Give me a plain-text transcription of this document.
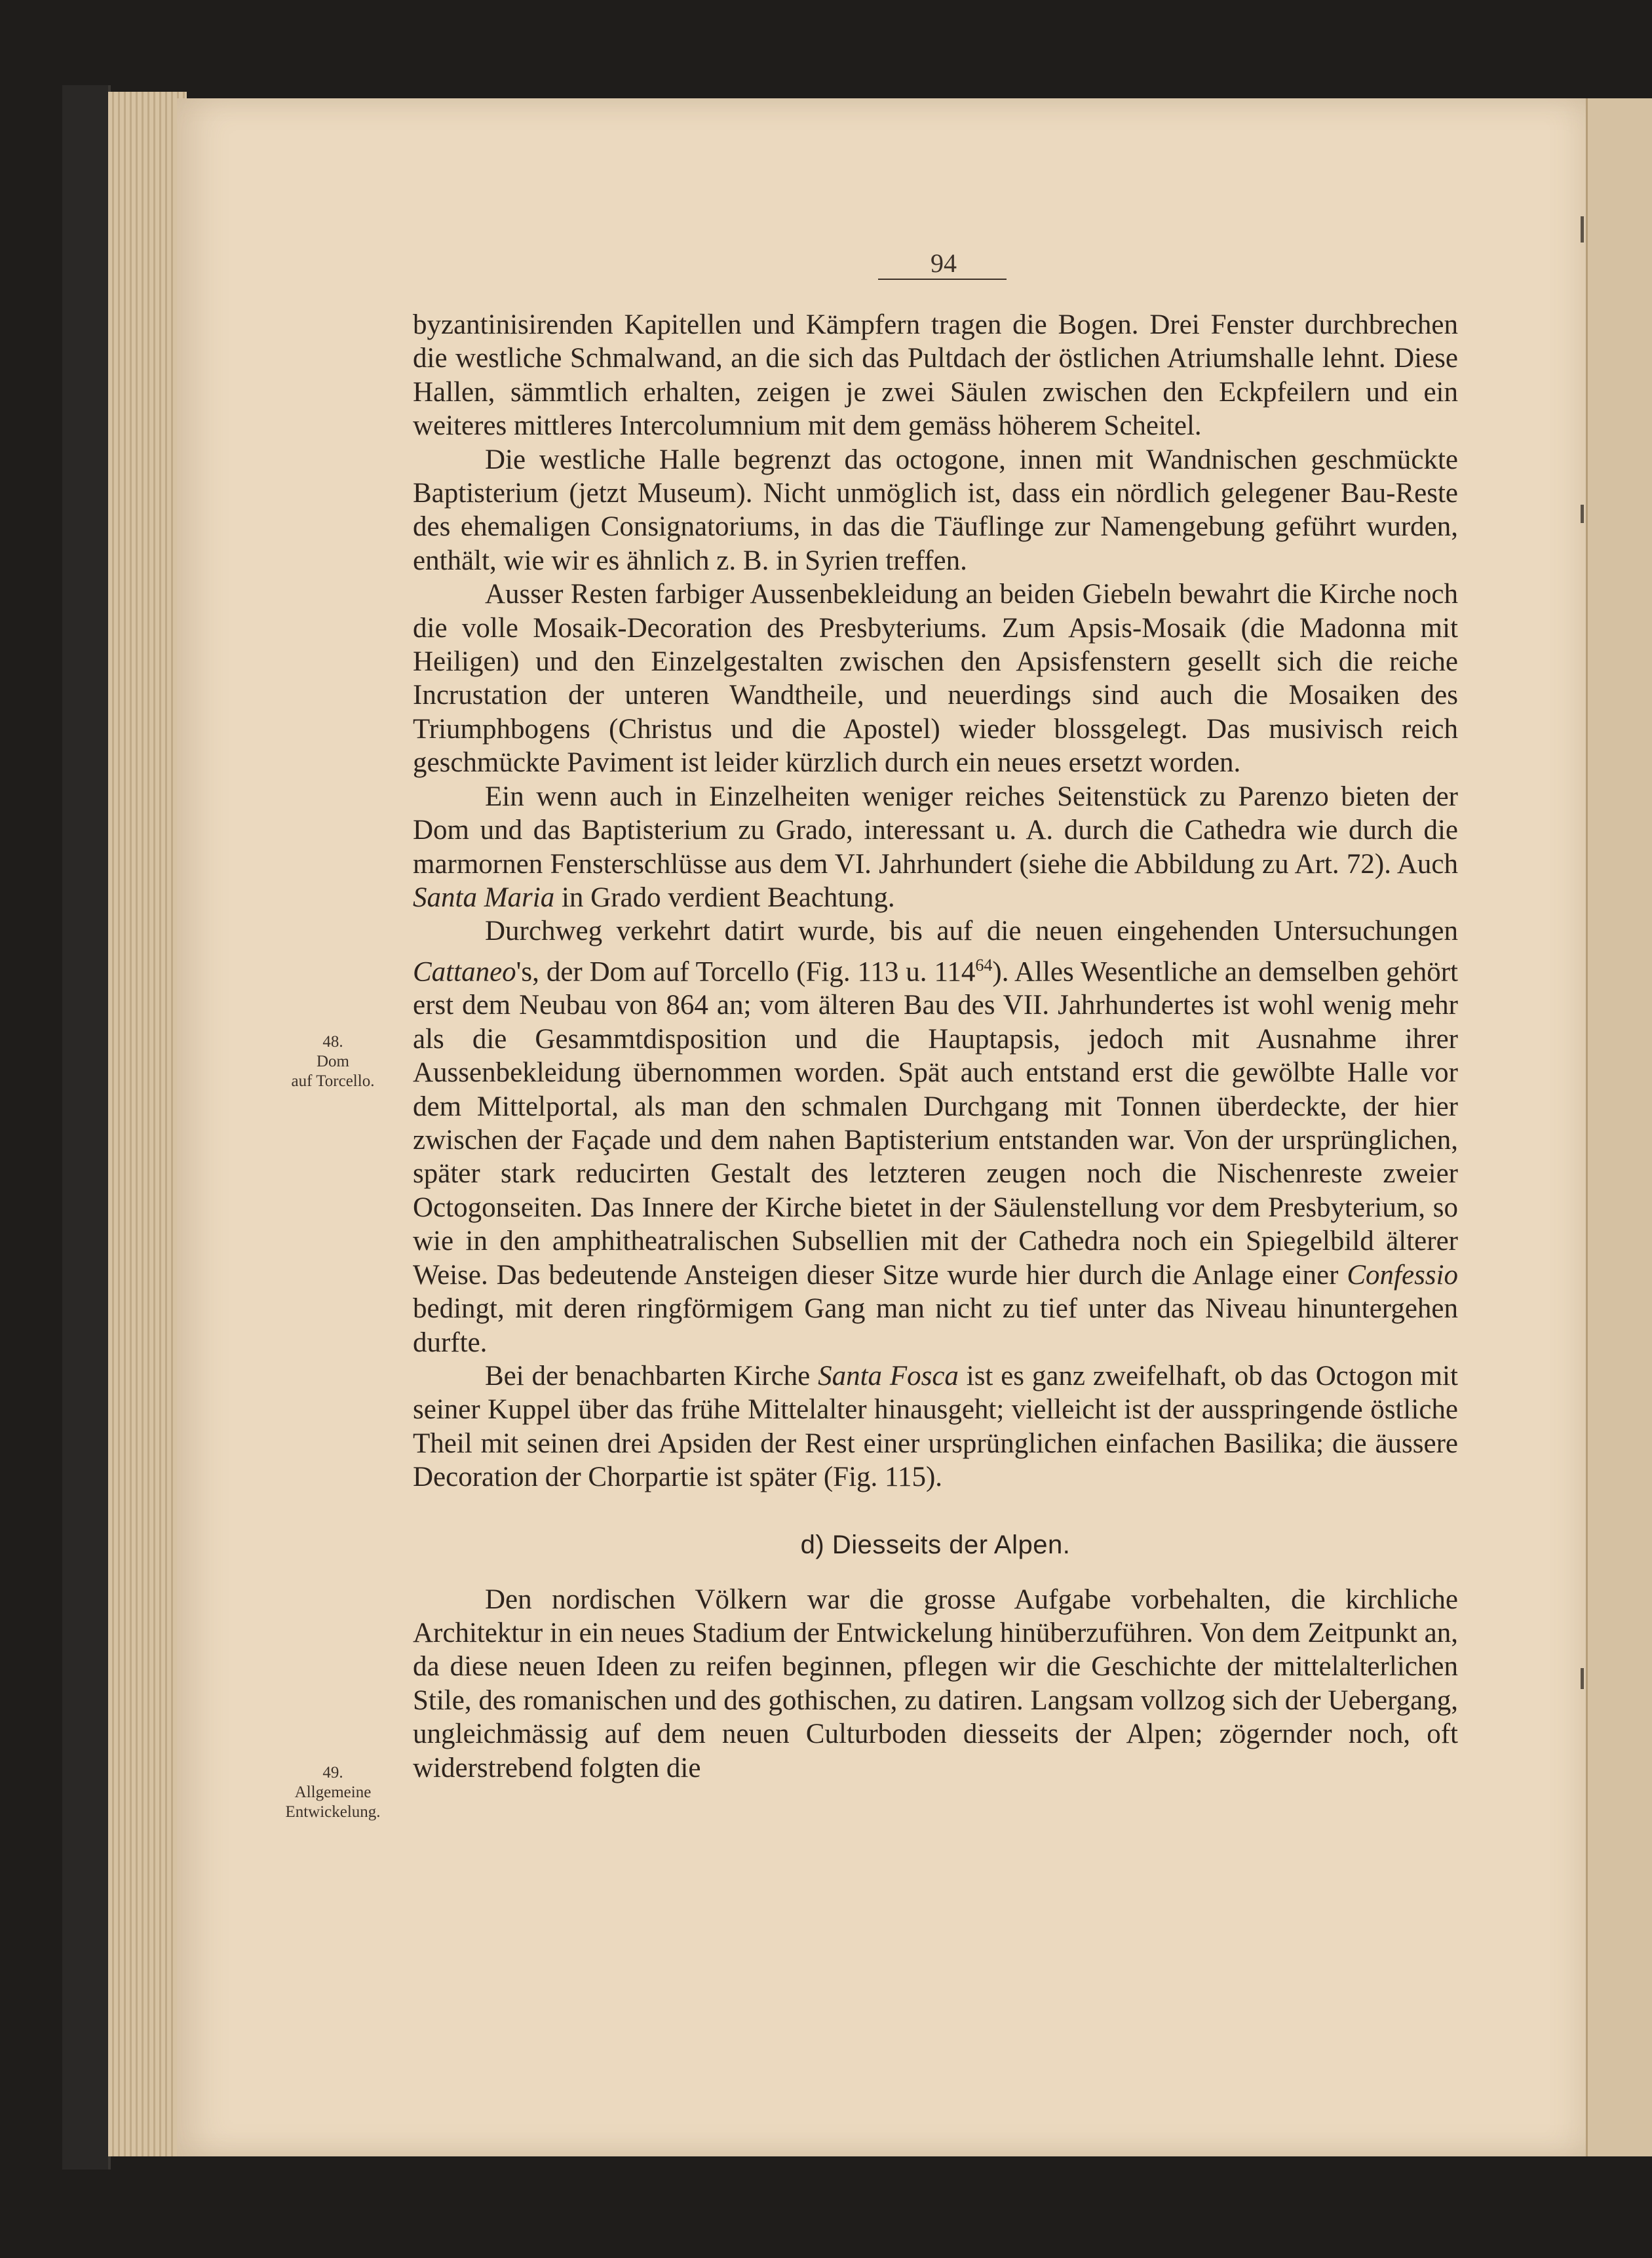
94
48.
Dom
auf Torcello.
49.
Allgemeine
Entwickelung.

byzantinisirenden Kapitellen und Kämpfern tragen die Bogen. Drei Fenster durchbrechen die westliche Schmalwand, an die sich das Pultdach der östlichen Atriumshalle lehnt. Diese Hallen, sämmtlich erhalten, zeigen je zwei Säulen zwischen den Eckpfeilern und ein weiteres mittleres Intercolumnium mit dem gemäss höherem Scheitel.

Die westliche Halle begrenzt das octogone, innen mit Wandnischen geschmückte Baptisterium (jetzt Museum). Nicht unmöglich ist, dass ein nördlich gelegener Bau-Reste des ehemaligen Consignatoriums, in das die Täuflinge zur Namengebung geführt wurden, enthält, wie wir es ähnlich z. B. in Syrien treffen.

Ausser Resten farbiger Aussenbekleidung an beiden Giebeln bewahrt die Kirche noch die volle Mosaik-Decoration des Presbyteriums. Zum Apsis-Mosaik (die Madonna mit Heiligen) und den Einzelgestalten zwischen den Apsisfenstern gesellt sich die reiche Incrustation der unteren Wandtheile, und neuerdings sind auch die Mosaiken des Triumphbogens (Christus und die Apostel) wieder blossgelegt. Das musivisch reich geschmückte Paviment ist leider kürzlich durch ein neues ersetzt worden.

Ein wenn auch in Einzelheiten weniger reiches Seitenstück zu Parenzo bieten der Dom und das Baptisterium zu Grado, interessant u. A. durch die Cathedra wie durch die marmornen Fensterschlüsse aus dem VI. Jahrhundert (siehe die Abbildung zu Art. 72). Auch Santa Maria in Grado verdient Beachtung.

Durchweg verkehrt datirt wurde, bis auf die neuen eingehenden Untersuchungen Cattaneo's, der Dom auf Torcello (Fig. 113 u. $114^{64}$). Alles Wesentliche an demselben gehört erst dem Neubau von 864 an; vom älteren Bau des VII. Jahrhundertes ist wohl wenig mehr als die Gesammtdisposition und die Hauptapsis, jedoch mit Ausnahme ihrer Aussenbekleidung übernommen worden. Spät auch entstand erst die gewölbte Halle vor dem Mittelportal, als man den schmalen Durchgang mit Tonnen überdeckte, der hier zwischen der Façade und dem nahen Baptisterium entstanden war. Von der ursprünglichen, später stark reducirten Gestalt des letzteren zeugen noch die Nischenreste zweier Octogonseiten. Das Innere der Kirche bietet in der Säulenstellung vor dem Presbyterium, so wie in den amphitheatralischen Subsellien mit der Cathedra noch ein Spiegelbild älterer Weise. Das bedeutende Ansteigen dieser Sitze wurde hier durch die Anlage einer Confessio bedingt, mit deren ringförmigem Gang man nicht zu tief unter das Niveau hinuntergehen durfte.

Bei der benachbarten Kirche Santa Fosca ist es ganz zweifelhaft, ob das Octogon mit seiner Kuppel über das frühe Mittelalter hinausgeht; vielleicht ist der ausspringende östliche Theil mit seinen drei Apsiden der Rest einer ursprünglichen einfachen Basilika; die äussere Decoration der Chorpartie ist später (Fig. 115).

d) Diesseits der Alpen.

Den nordischen Völkern war die grosse Aufgabe vorbehalten, die kirchliche Architektur in ein neues Stadium der Entwickelung hinüberzuführen. Von dem Zeitpunkt an, da diese neuen Ideen zu reifen beginnen, pflegen wir die Geschichte der mittelalterlichen Stile, des romanischen und des gothischen, zu datiren. Langsam vollzog sich der Uebergang, ungleichmässig auf dem neuen Culturboden diesseits der Alpen; zögernder noch, oft widerstrebend folgten die
